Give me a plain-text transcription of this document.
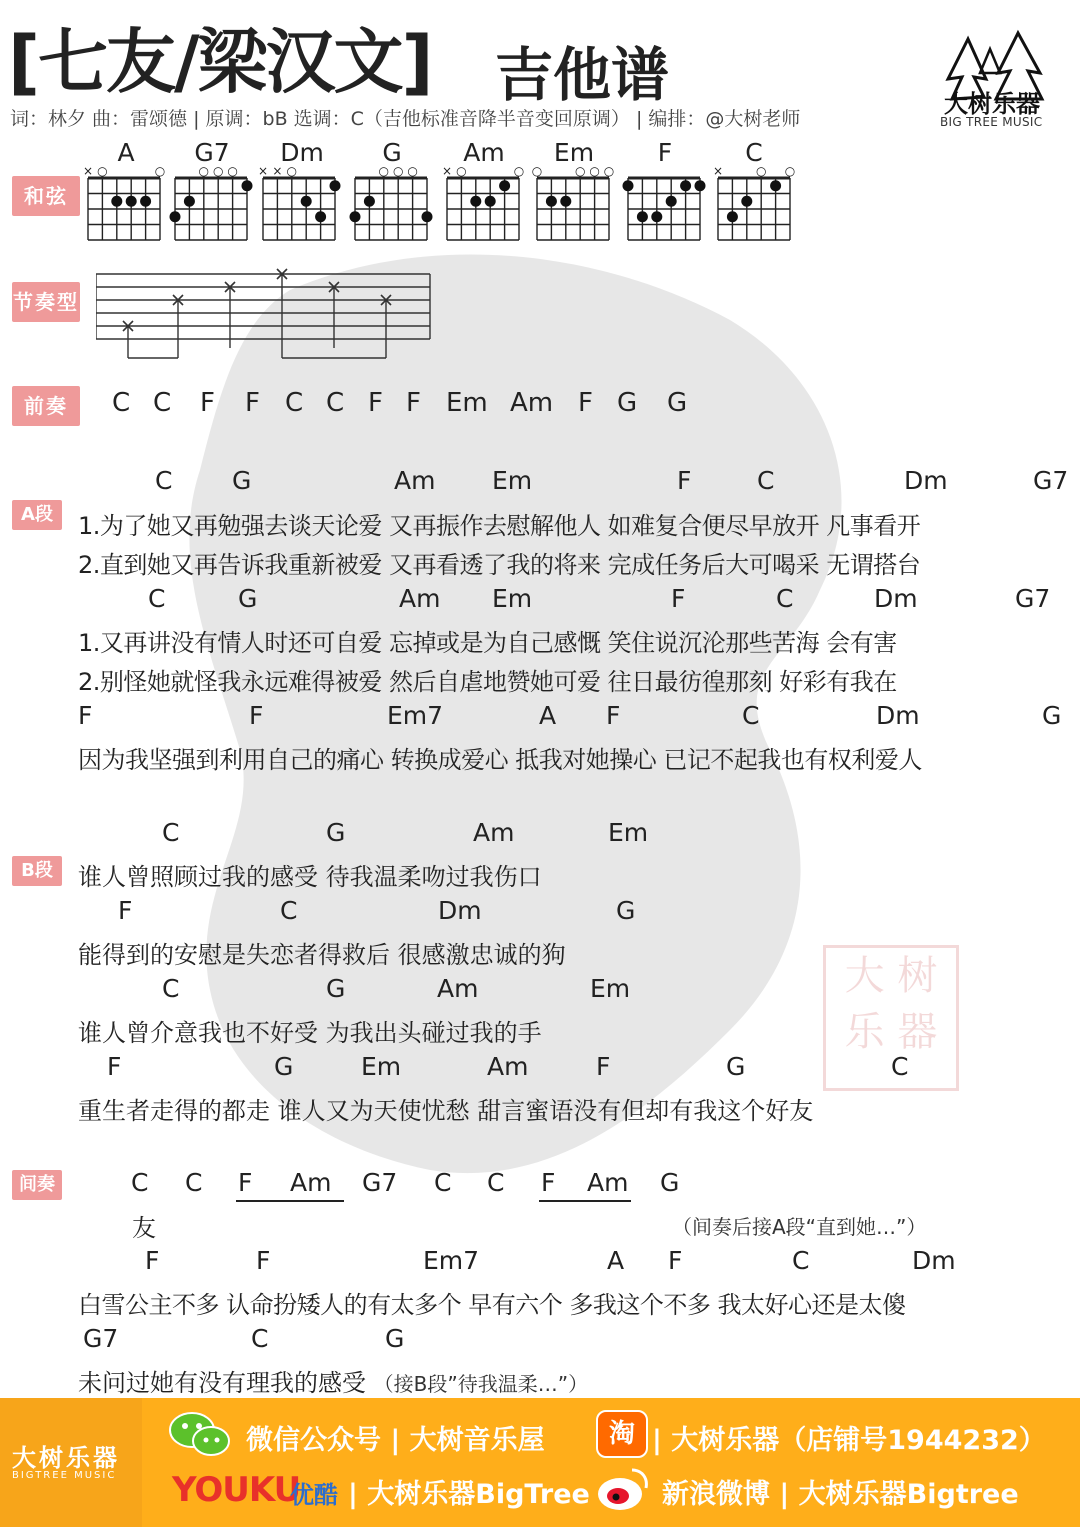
[七友/梁汉文] 吉他谱
词：林夕 曲：雷颂德 | 原调：bB 选调：C（吉他标准音降半音变回原调） | 编排：@大树老师
大树乐器
BIG TREE MUSIC
和弦
A	G7	Dm	G	Am	Em	F	C
× ○	○	○ ○ ○ × × ○	○ ○ ○ × ○	○ ○	○ ○ ○	×	○ ○
节奏型
前奏	C C F F C C F F Em Am F G G
A段
C G	Am Em	F	C	Dm	G7
1.为了她又再勉强去谈天论爱 又再振作去慰解他人 如难复合便尽早放开 凡事看开
2.直到她又再告诉我重新被爱 又再看透了我的将来 完成任务后大可喝采 无谓搭台
C	G	Am Em	F	C	Dm	G7
1.又再讲没有情人时还可自爱 忘掉或是为自己感慨 笑住说沉沦那些苦海 会有害
2.别怪她就怪我永远难得被爱 然后自虐地赞她可爱 往日最彷徨那刻 好彩有我在
F	F	Em7	A F	C	Dm	G
因为我坚强到利用自己的痛心 转换成爱心 抵我对她操心 已记不起我也有权利爱人
B段
C	G	Am	Em
谁人曾照顾过我的感受 待我温柔吻过我伤口
F	C	Dm	G
能得到的安慰是失恋者得救后 很感激忠诚的狗
C	G	Am	Em
谁人曾介意我也不好受 为我出头碰过我的手
F	G	Em	Am	F	G	C
重生者走得的都走 谁人又为天使忧愁 甜言蜜语没有但却有我这个好友
大 树
乐 器
间奏	C C F Am G7 C C F Am G
友	（间奏后接A段“直到她…”）
F	F	Em7	A F	C	Dm
白雪公主不多 认命扮矮人的有太多个 早有六个 多我这个不多 我太好心还是太傻
G7	C	G
未问过她有没有理我的感受 （接B段”待我温柔…”）
大树乐器
BIGTREE MUSIC
微信公众号 | 大树音乐屋	淘 | 大树乐器（店铺号1944232）
YOUKU
优酷 | 大树乐器BigTree	新浪微博 | 大树乐器Bigtree
